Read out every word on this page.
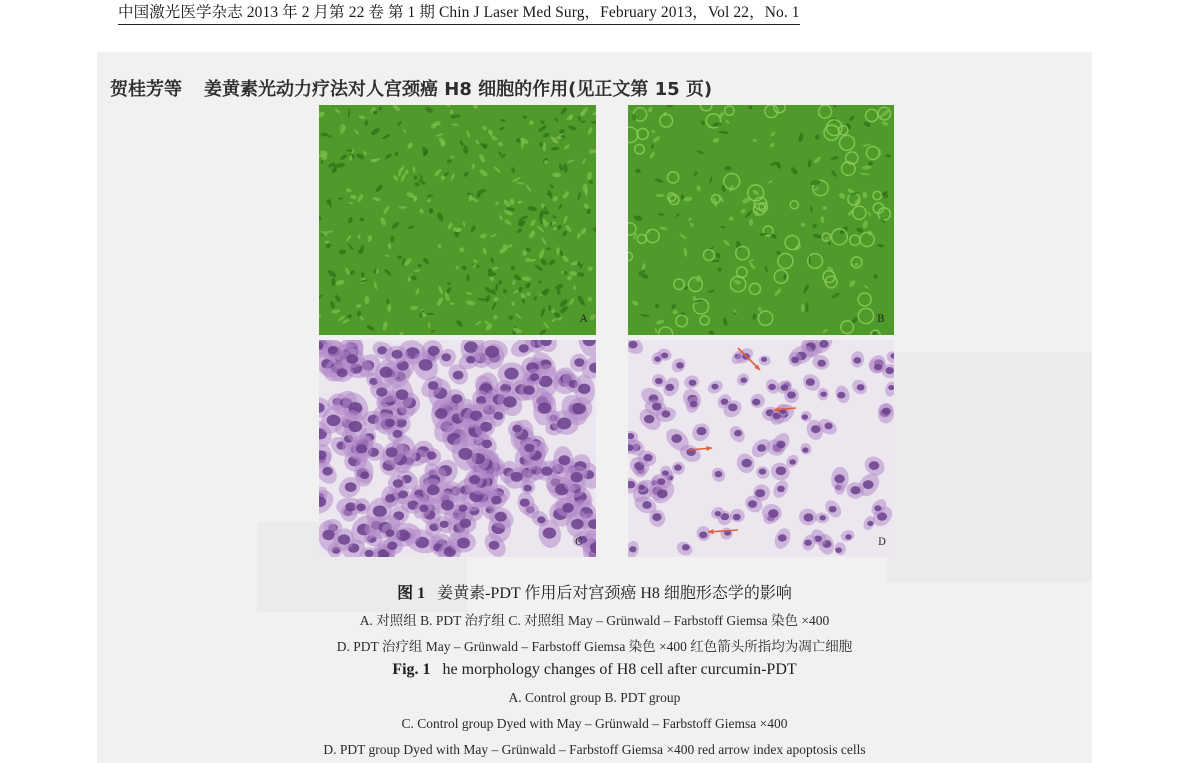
中国激光医学杂志 2013 年 2 月第 22 卷 第 1 期 Chin J Laser Med Surg，February 2013，Vol 22，No. 1
贺桂芳等 姜黄素光动力疗法对人宫颈癌 H8 细胞的作用(见正文第 15 页)
A	B
C	D
图 1 姜黄素-PDT 作用后对宫颈癌 H8 细胞形态学的影响
A. 对照组 B. PDT 治疗组 C. 对照组 May – Grünwald – Farbstoff Giemsa 染色 ×400
D. PDT 治疗组 May – Grünwald – Farbstoff Giemsa 染色 ×400 红色箭头所指均为凋亡细胞
Fig. 1 he morphology changes of H8 cell after curcumin-PDT
A. Control group B. PDT group
C. Control group Dyed with May – Grünwald – Farbstoff Giemsa ×400
D. PDT group Dyed with May – Grünwald – Farbstoff Giemsa ×400 red arrow index apoptosis cells
